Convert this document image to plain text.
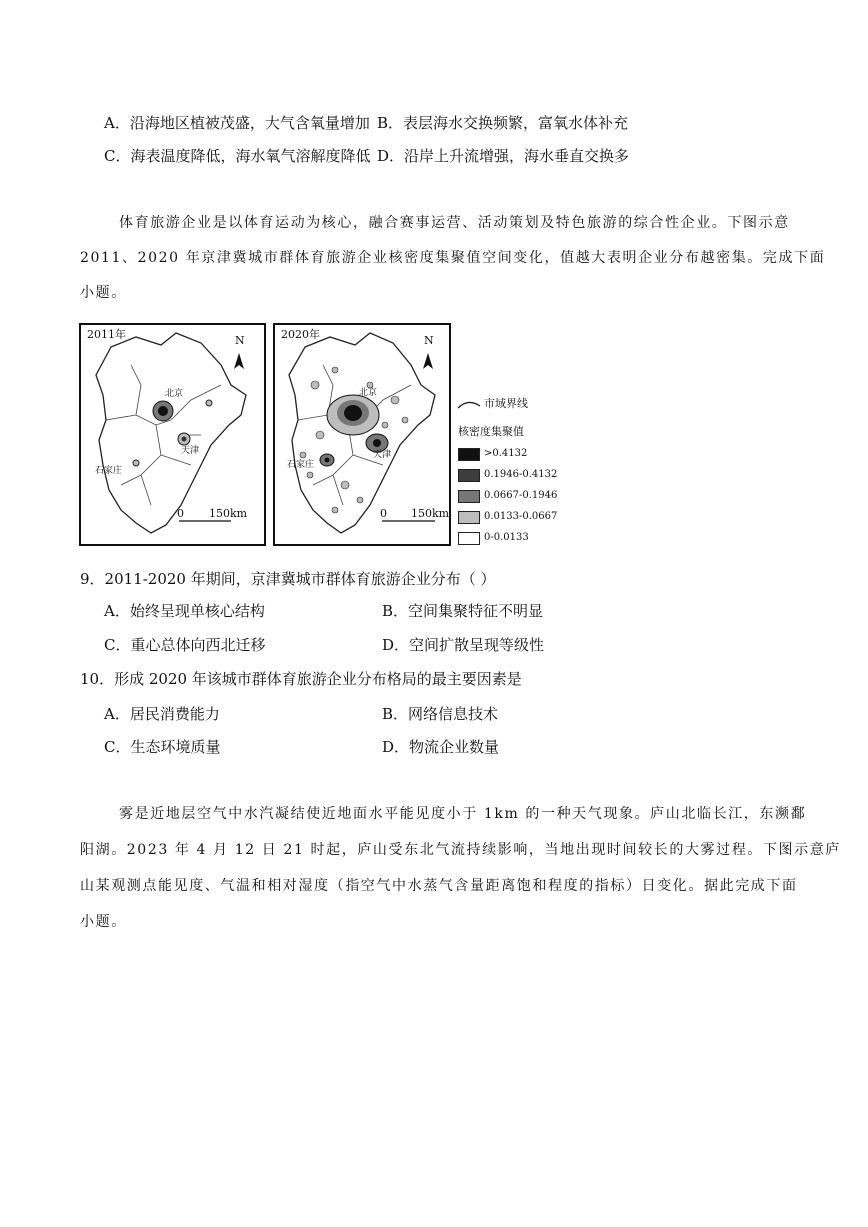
A．沿海地区植被茂盛，大气含氧量增加 B．表层海水交换频繁，富氧水体补充
C．海表温度降低，海水氧气溶解度降低 D．沿岸上升流增强，海水垂直交换多
体育旅游企业是以体育运动为核心，融合赛事运营、活动策划及特色旅游的综合性企业。下图示意
2011、2020 年京津冀城市群体育旅游企业核密度集聚值空间变化，值越大表明企业分布越密集。完成下面
小题。
2011年	N
北京
天津
石家庄
0 150km
2020年	N
北京
天津
石家庄
0 150km
市域界线
核密度集聚值
>0.4132
0.1946-0.4132
0.0667-0.1946
0.0133-0.0667
0-0.0133
9．2011-2020 年期间，京津冀城市群体育旅游企业分布（ ）
A．始终呈现单核心结构	B．空间集聚特征不明显
C．重心总体向西北迁移	D．空间扩散呈现等级性
10．形成 2020 年该城市群体育旅游企业分布格局的最主要因素是
A．居民消费能力	B．网络信息技术
C．生态环境质量	D．物流企业数量
雾是近地层空气中水汽凝结使近地面水平能见度小于 1km 的一种天气现象。庐山北临长江，东濒鄱
阳湖。2023 年 4 月 12 日 21 时起，庐山受东北气流持续影响，当地出现时间较长的大雾过程。下图示意庐
山某观测点能见度、气温和相对湿度（指空气中水蒸气含量距离饱和程度的指标）日变化。据此完成下面
小题。
